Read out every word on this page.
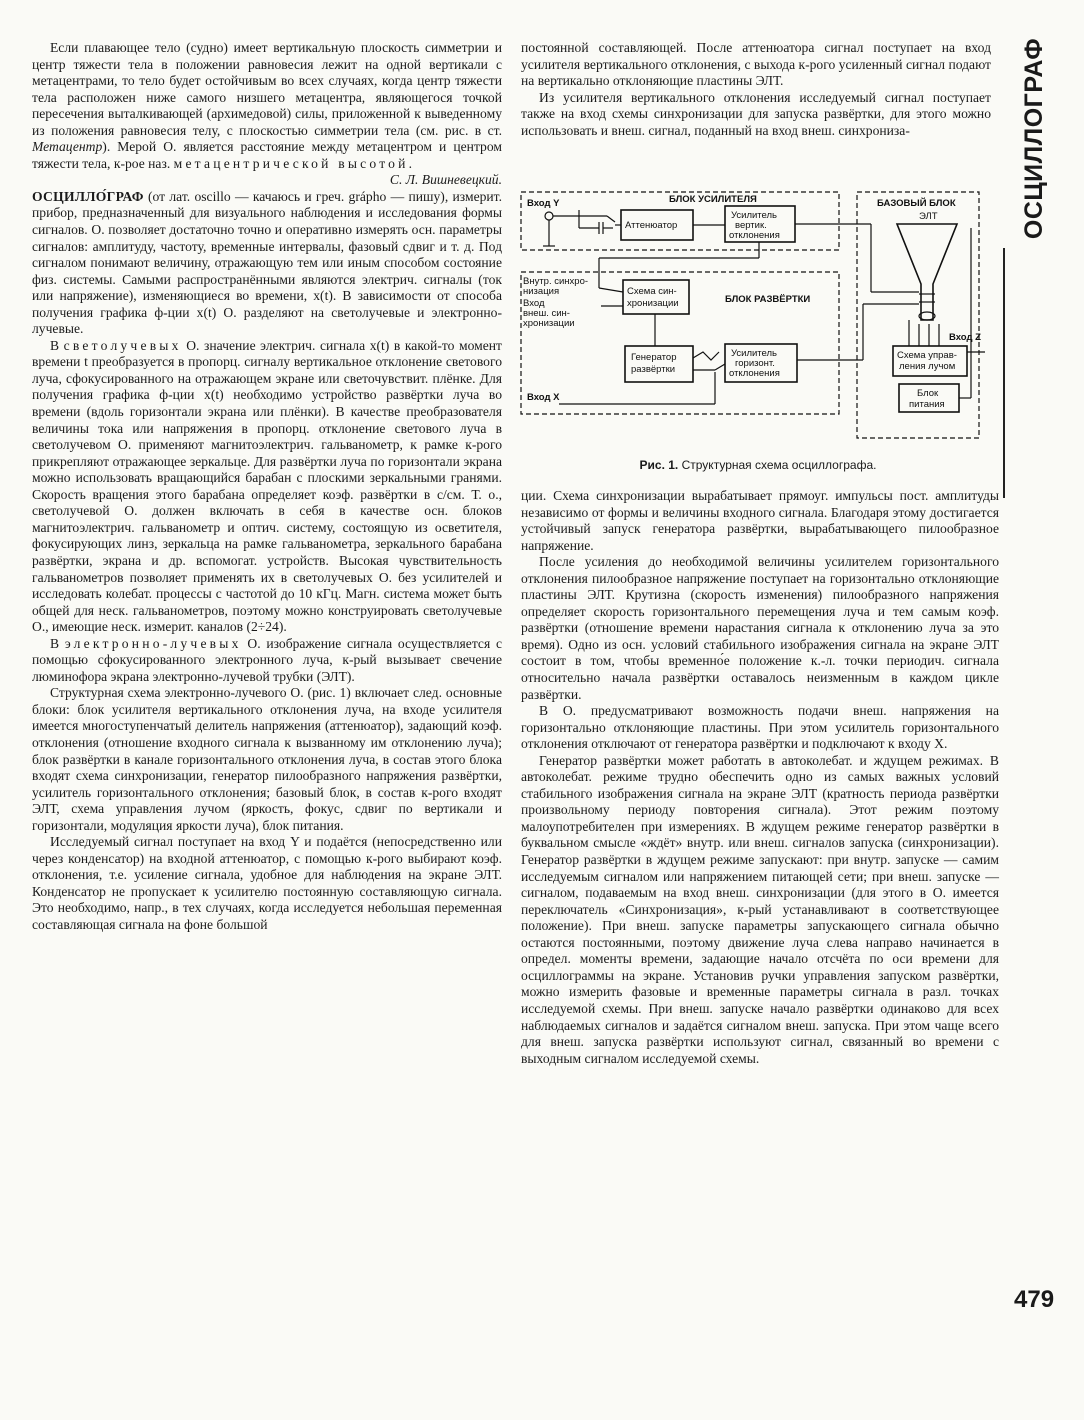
ОСЦИЛЛОГРАФ

Если плавающее тело (судно) имеет вертикальную плоскость симметрии и центр тяжести тела в положении равновесия лежит на одной вертикали с метацентрами, то тело будет остойчивым во всех случаях, когда центр тяжести тела расположен ниже самого низшего метацентра, являющегося точкой пересечения выталкивающей (архимедовой) силы, приложенной к выведенному из положения равновесия телу, с плоскостью симметрии тела (см. рис. в ст. Метацентр). Мерой О. является расстояние между метацентром и центром тяжести тела, к-рое наз. метацентрической высотой.

С. Л. Вишневецкий.

ОСЦИЛЛО́ГРАФ (от лат. oscillo — качаюсь и греч. grápho — пишу), измерит. прибор, предназначенный для визуального наблюдения и исследования формы сигналов. О. позволяет достаточно точно и оперативно измерять осн. параметры сигналов: амплитуду, частоту, временные интервалы, фазовый сдвиг и т. д. Под сигналом понимают величину, отражающую тем или иным способом состояние физ. системы. Самыми распространёнными являются электрич. сигналы (ток или напряжение), изменяющиеся во времени, x(t). В зависимости от способа получения графика ф-ции x(t) О. разделяют на светолучевые и электронно-лучевые.

В светолучевых О. значение электрич. сигнала x(t) в какой-то момент времени t преобразуется в пропорц. сигналу вертикальное отклонение светового луча, сфокусированного на отражающем экране или светочувствит. плёнке. Для получения графика ф-ции x(t) необходимо устройство развёртки луча во времени (вдоль горизонтали экрана или плёнки). В качестве преобразователя величины тока или напряжения в пропорц. отклонение светового луча в светолучевом О. применяют магнитоэлектрич. гальванометр, к рамке к-рого прикрепляют отражающее зеркальце. Для развёртки луча по горизонтали экрана можно использовать вращающийся барабан с плоскими зеркальными гранями. Скорость вращения этого барабана определяет коэф. развёртки в с/см. Т. о., светолучевой О. должен включать в себя в качестве осн. блоков магнитоэлектрич. гальванометр и оптич. систему, состоящую из осветителя, фокусирующих линз, зеркальца на рамке гальванометра, зеркального барабана развёртки, экрана и др. вспомогат. устройств. Высокая чувствительность гальванометров позволяет применять их в светолучевых О. без усилителей и исследовать колебат. процессы с частотой до 10 кГц. Магн. система может быть общей для неск. гальванометров, поэтому можно конструировать светолучевые О., имеющие неск. измерит. каналов (2÷24).

В электронно-лучевых О. изображение сигнала осуществляется с помощью сфокусированного электронного луча, к-рый вызывает свечение люминофора экрана электронно-лучевой трубки (ЭЛТ).

Структурная схема электронно-лучевого О. (рис. 1) включает след. основные блоки: блок усилителя вертикального отклонения луча, на входе усилителя имеется многоступенчатый делитель напряжения (аттенюатор), задающий коэф. отклонения (отношение входного сигнала к вызванному им отклонению луча); блок развёртки в канале горизонтального отклонения луча, в состав этого блока входят схема синхронизации, генератор пилообразного напряжения развёртки, усилитель горизонтального отклонения; базовый блок, в состав к-рого входят ЭЛТ, схема управления лучом (яркость, фокус, сдвиг по вертикали и горизонтали, модуляция яркости луча), блок питания.

Исследуемый сигнал поступает на вход Y и подаётся (непосредственно или через конденсатор) на входной аттенюатор, с помощью к-рого выбирают коэф. отклонения, т.е. усиление сигнала, удобное для наблюдения на экране ЭЛТ. Конденсатор не пропускает к усилителю постоянную составляющую сигнала. Это необходимо, напр., в тех случаях, когда исследуется небольшая переменная составляющая сигнала на фоне большой

постоянной составляющей. После аттенюатора сигнал поступает на вход усилителя вертикального отклонения, с выхода к-рого усиленный сигнал подают на вертикально отклоняющие пластины ЭЛТ.

Из усилителя вертикального отклонения исследуемый сигнал поступает также на вход схемы синхронизации для запуска развёртки, для этого можно использовать и внеш. сигнал, поданный на вход внеш. синхрониза-

Вход Y	БЛОК УСИЛИТЕЛЯ
Аттенюатор
Усилитель
вертик.
отклонения
БАЗОВЫЙ БЛОК
ЭЛТ
Внутр. синхро-
низация
Вход
внеш. син-
хронизации
Схема син-
хронизации	БЛОК РАЗВЁРТКИ
Генератор
развёртки
Усилитель
горизонт.
отклонения
Вход Z
Схема управ-
ления лучом
Блок
питания
Вход X
Рис. 1. Структурная схема осциллографа.

ции. Схема синхронизации вырабатывает прямоуг. импульсы пост. амплитуды независимо от формы и величины входного сигнала. Благодаря этому достигается устойчивый запуск генератора развёртки, вырабатывающего пилообразное напряжение.

После усиления до необходимой величины усилителем горизонтального отклонения пилообразное напряжение поступает на горизонтально отклоняющие пластины ЭЛТ. Крутизна (скорость изменения) пилообразного напряжения определяет скорость горизонтального перемещения луча и тем самым коэф. развёртки (отношение времени нарастания сигнала к отклонению луча за это время). Одно из осн. условий стабильного изображения сигнала на экране ЭЛТ состоит в том, чтобы временно́е положение к.-л. точки периодич. сигнала относительно начала развёртки оставалось неизменным в каждом цикле развёртки.

В О. предусматривают возможность подачи внеш. напряжения на горизонтально отклоняющие пластины. При этом усилитель горизонтального отклонения отключают от генератора развёртки и подключают к входу X.

Генератор развёртки может работать в автоколебат. и ждущем режимах. В автоколебат. режиме трудно обеспечить одно из самых важных условий стабильного изображения сигнала на экране ЭЛТ (кратность периода развёртки произвольному периоду повторения сигнала). Этот режим поэтому малоупотребителен при измерениях. В ждущем режиме генератор развёртки в буквальном смысле «ждёт» внутр. или внеш. сигналов запуска (синхронизации). Генератор развёртки в ждущем режиме запускают: при внутр. запуске — самим исследуемым сигналом или напряжением питающей сети; при внеш. запуске — сигналом, подаваемым на вход внеш. синхронизации (для этого в О. имеется переключатель «Синхронизация», к-рый устанавливают в соответствующее положение). При внеш. запуске параметры запускающего сигнала обычно остаются постоянными, поэтому движение луча слева направо начинается в определ. моменты времени, задающие начало отсчёта по оси времени для осциллограммы на экране. Установив ручки управления запуском развёртки, можно измерить фазовые и временные параметры сигнала в разл. точках исследуемой схемы. При внеш. запуске начало развёртки одинаково для всех наблюдаемых сигналов и задаётся сигналом внеш. запуска. При этом чаще всего для внеш. запуска развёртки используют сигнал, связанный во времени с выходным сигналом исследуемой схемы.

479
